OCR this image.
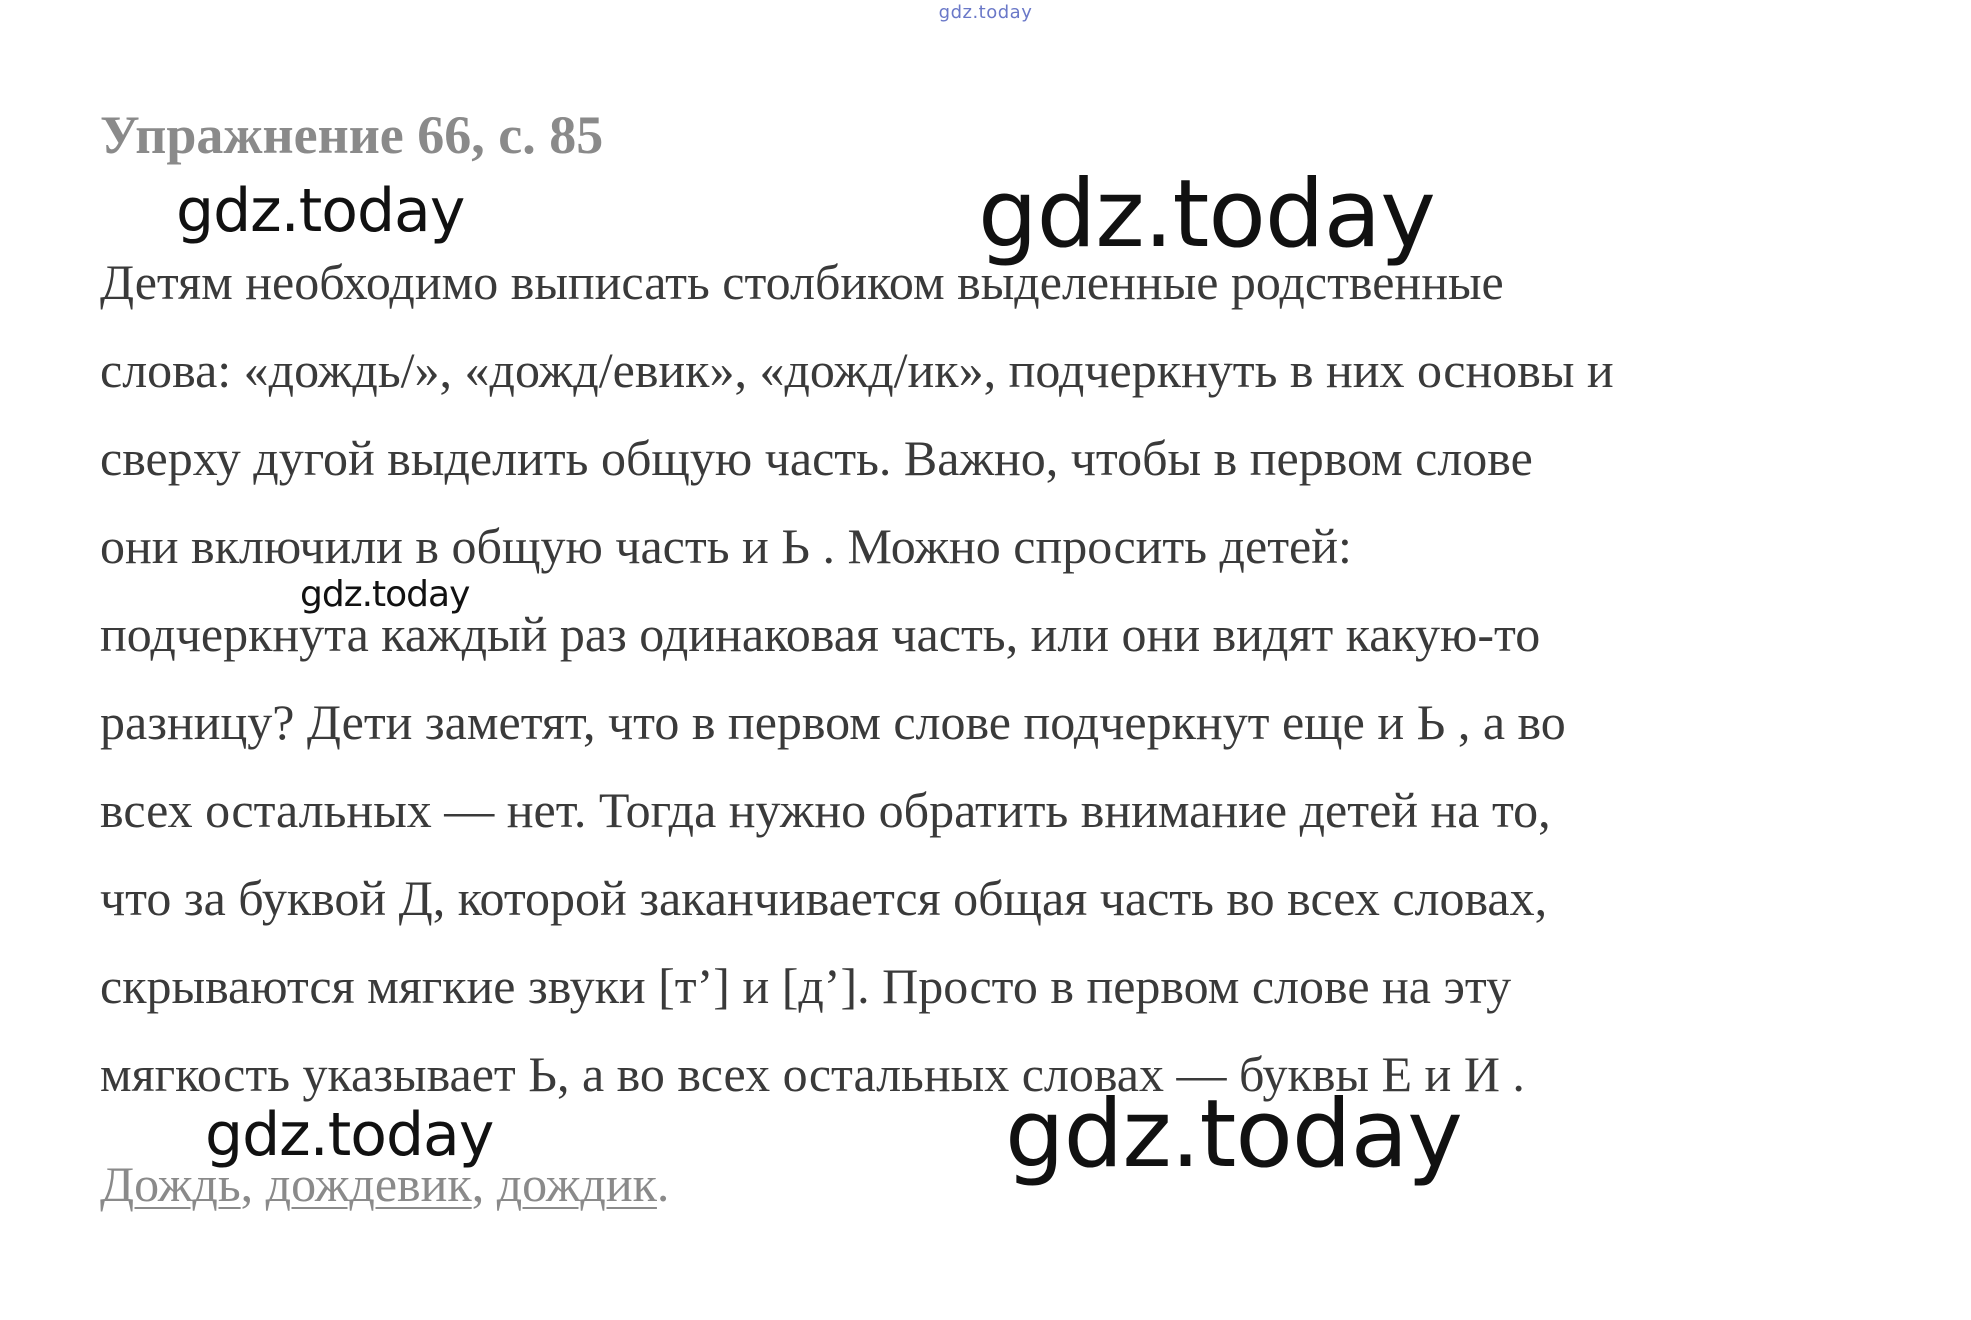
gdz.today
Упражнение 66, с. 85
Детям необходимо выписать столбиком выделенные родственные
слова: «дождь/», «дожд/евик», «дожд/ик», подчеркнуть в них основы и
сверху дугой выделить общую часть. Важно, чтобы в первом слове
они включили в общую часть и Ь . Можно спросить детей:
подчеркнута каждый раз одинаковая часть, или они видят какую-то
разницу? Дети заметят, что в первом слове подчеркнут еще и Ь , а во
всех остальных — нет. Тогда нужно обратить внимание детей на то,
что за буквой Д, которой заканчивается общая часть во всех словах,
скрываются мягкие звуки [т’] и [д’]. Просто в первом слове на эту
мягкость указывает Ь, а во всех остальных словах — буквы Е и И .
Дождь, дождевик, дождик.
gdz.today	gdz.today
gdz.today
gdz.today	gdz.today
